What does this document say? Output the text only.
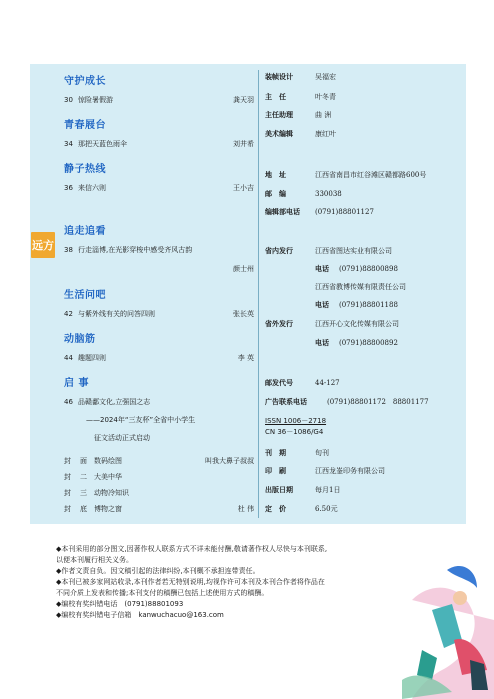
远方
守护成长
30 惊险暑假游	龚天羽
青春屐台
34 那把天蓝色雨伞	刘井希
静子热线
36 来信六则	王小吉
追走追看
38 行走淄博,在光影穿梭中感受齐风古韵
颜士州
生活问吧
42 与紫外线有关的问答四则	张长英
动脑筋
44 趣题四则	李 英
启 事
46 品赣鄱文化,立强国之志
——2024年“三友杯”全省中小学生
征文活动正式启动
封 面 数码绘图	叫我大鼻子叔叔
封 二 大美中华
封 三 动物冷知识
封 底 博物之窗	杜 伟
装帧设计	吴福宏
主　任	叶冬青
主任助理	曲 洲
美术编辑	康红叶
地　址	江西省南昌市红谷滩区赣都路600号
邮　编	330038
编辑部电话 (0791)88801127
省内发行	江西省图达实业有限公司
电话 (0791)88800898
江西省教博传媒有限责任公司
电话 (0791)88801188
省外发行	江西开心文化传媒有限公司
电话 (0791)88800892
邮发代号	44-127
广告联系电话	(0791)88801172　88801177
ISSN 1006－2718
CN 36－1086/G4
刊　期	旬刊
印　刷	江西龙崟印务有限公司
出版日期	每月1日
定　价	6.50元

◆本刊采用的部分图文,因著作权人联系方式不详未能付酬,敬请著作权人尽快与本刊联系,

以便本刊履行相关义务。

◆作者文责自负。因文稿引起的法律纠纷,本刊概不承担连带责任。

◆本刊已被多家网站收录,本刊作者若无特别说明,均视作许可本刊及本刊合作者将作品在

不同介质上发表和传播;本刊支付的稿酬已包括上述使用方式的稿酬。

◆编校有奖纠错电话　(0791)88801093

◆编校有奖纠错电子信箱　kanwuchacuo@163.com
